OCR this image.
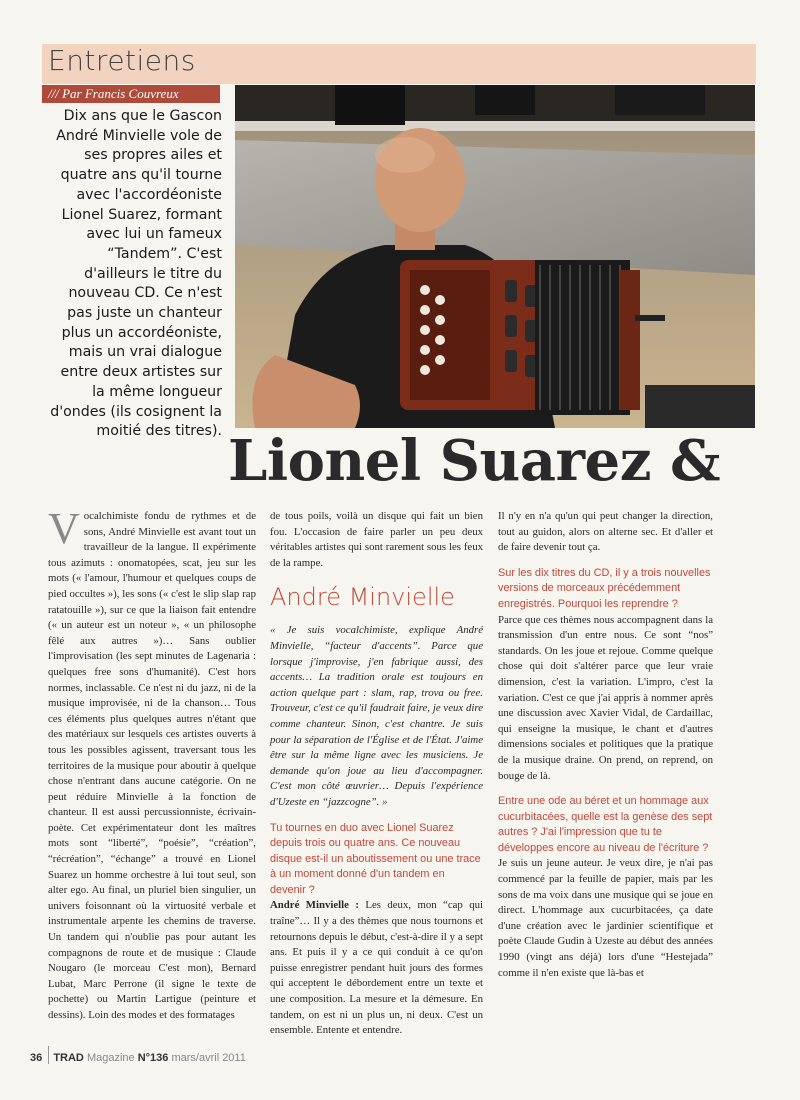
Entretiens
/// Par Francis Couvreux
Dix ans que le Gascon André Minvielle vole de ses propres ailes et quatre ans qu'il tourne avec l'accordéoniste Lionel Suarez, formant avec lui un fameux “Tandem”. C'est d'ailleurs le titre du nouveau CD. Ce n'est pas juste un chanteur plus un accordéoniste, mais un vrai dialogue entre deux artistes sur la même longueur d'ondes (ils cosignent la moitié des titres). Lionel Suarez &

Vocalchimiste fondu de rythmes et de sons, André Minvielle est avant tout un travailleur de la langue. Il expérimente tous azimuts : onomatopées, scat, jeu sur les mots (« l'amour, l'humour et quelques coups de pied occultes »), les sons (« c'est le slip slap rap ratatouille »), sur ce que la liaison fait entendre (« un auteur est un noteur », « un philosophe fêlé aux autres »)… Sans oublier l'improvisation (les sept minutes de Lagenaria : quelques free sons d'humanité). C'est hors normes, inclassable. Ce n'est ni du jazz, ni de la musique improvisée, ni de la chanson… Tous ces éléments plus quelques autres n'étant que des matériaux sur lesquels ces artistes ouverts à tous les possibles agissent, traversant tous les territoires de la musique pour aboutir à quelque chose n'entrant dans aucune catégorie. On ne peut réduire Minvielle à la fonction de chanteur. Il est aussi percussionniste, écrivain-poète. Cet expérimentateur dont les maîtres mots sont “liberté”, “poésie”, “création”, “récréation”, “échange” a trouvé en Lionel Suarez un homme orchestre à lui tout seul, son alter ego. Au final, un pluriel bien singulier, un univers foisonnant où la virtuosité verbale et instrumentale arpente les chemins de traverse. Un tandem qui n'oublie pas pour autant les compagnons de route et de musique : Claude Nougaro (le morceau C'est mon), Bernard Lubat, Marc Perrone (il signe le texte de pochette) ou Martin Lartigue (peinture et dessins). Loin des modes et des formatages

de tous poils, voilà un disque qui fait un bien fou. L'occasion de faire parler un peu deux véritables artistes qui sont rarement sous les feux de la rampe.

André Minvielle

« Je suis vocalchimiste, explique André Minvielle, “facteur d'accents”. Parce que lorsque j'improvise, j'en fabrique aussi, des accents… La tradition orale est toujours en action quelque part : slam, rap, trova ou free. Trouveur, c'est ce qu'il faudrait faire, je veux dire comme chanteur. Sinon, c'est chantre. Je suis pour la séparation de l'Église et de l'État. J'aime être sur la même ligne avec les musiciens. Je demande qu'on joue au lieu d'accompagner. C'est mon côté œuvrier… Depuis l'expérience d'Uzeste en “jazzcogne”. »

Tu tournes en duo avec Lionel Suarez depuis trois ou quatre ans. Ce nouveau disque est-il un aboutissement ou une trace à un moment donné d'un tandem en devenir ?

André Minvielle : Les deux, mon “cap qui traîne”… Il y a des thèmes que nous tournons et retournons depuis le début, c'est-à-dire il y a sept ans. Et puis il y a ce qui conduit à ce qu'on puisse enregistrer pendant huit jours des formes qui acceptent le débordement entre un texte et une composition. La mesure et la démesure. En tandem, on est ni un plus un, ni deux. C'est un ensemble. Entente et entendre.

Il n'y en n'a qu'un qui peut changer la direction, tout au guidon, alors on alterne sec. Et d'aller et de faire devenir tout ça.

Sur les dix titres du CD, il y a trois nouvelles versions de morceaux précédemment enregistrés. Pourquoi les reprendre ?

Parce que ces thèmes nous accompagnent dans la transmission d'un entre nous. Ce sont “nos” standards. On les joue et rejoue. Comme quelque chose qui doit s'altérer parce que leur vraie dimension, c'est la variation. L'impro, c'est la variation. C'est ce que j'ai appris à nommer après une discussion avec Xavier Vidal, de Cardaillac, qui enseigne la musique, le chant et d'autres dimensions sociales et politiques que la pratique de la musique draine. On prend, on reprend, on bouge de là.

Entre une ode au béret et un hommage aux cucurbitacées, quelle est la genèse des sept autres ? J'ai l'impression que tu te développes encore au niveau de l'écriture ?

Je suis un jeune auteur. Je veux dire, je n'ai pas commencé par la feuille de papier, mais par les sons de ma voix dans une musique qui se joue en direct. L'hommage aux cucurbitacées, ça date d'une création avec le jardinier scientifique et poète Claude Gudin à Uzeste au début des années 1990 (vingt ans déjà) lors d'une “Hestejada” comme il n'en existe que là-bas et

36 TRAD Magazine N°136 mars/avril 2011
